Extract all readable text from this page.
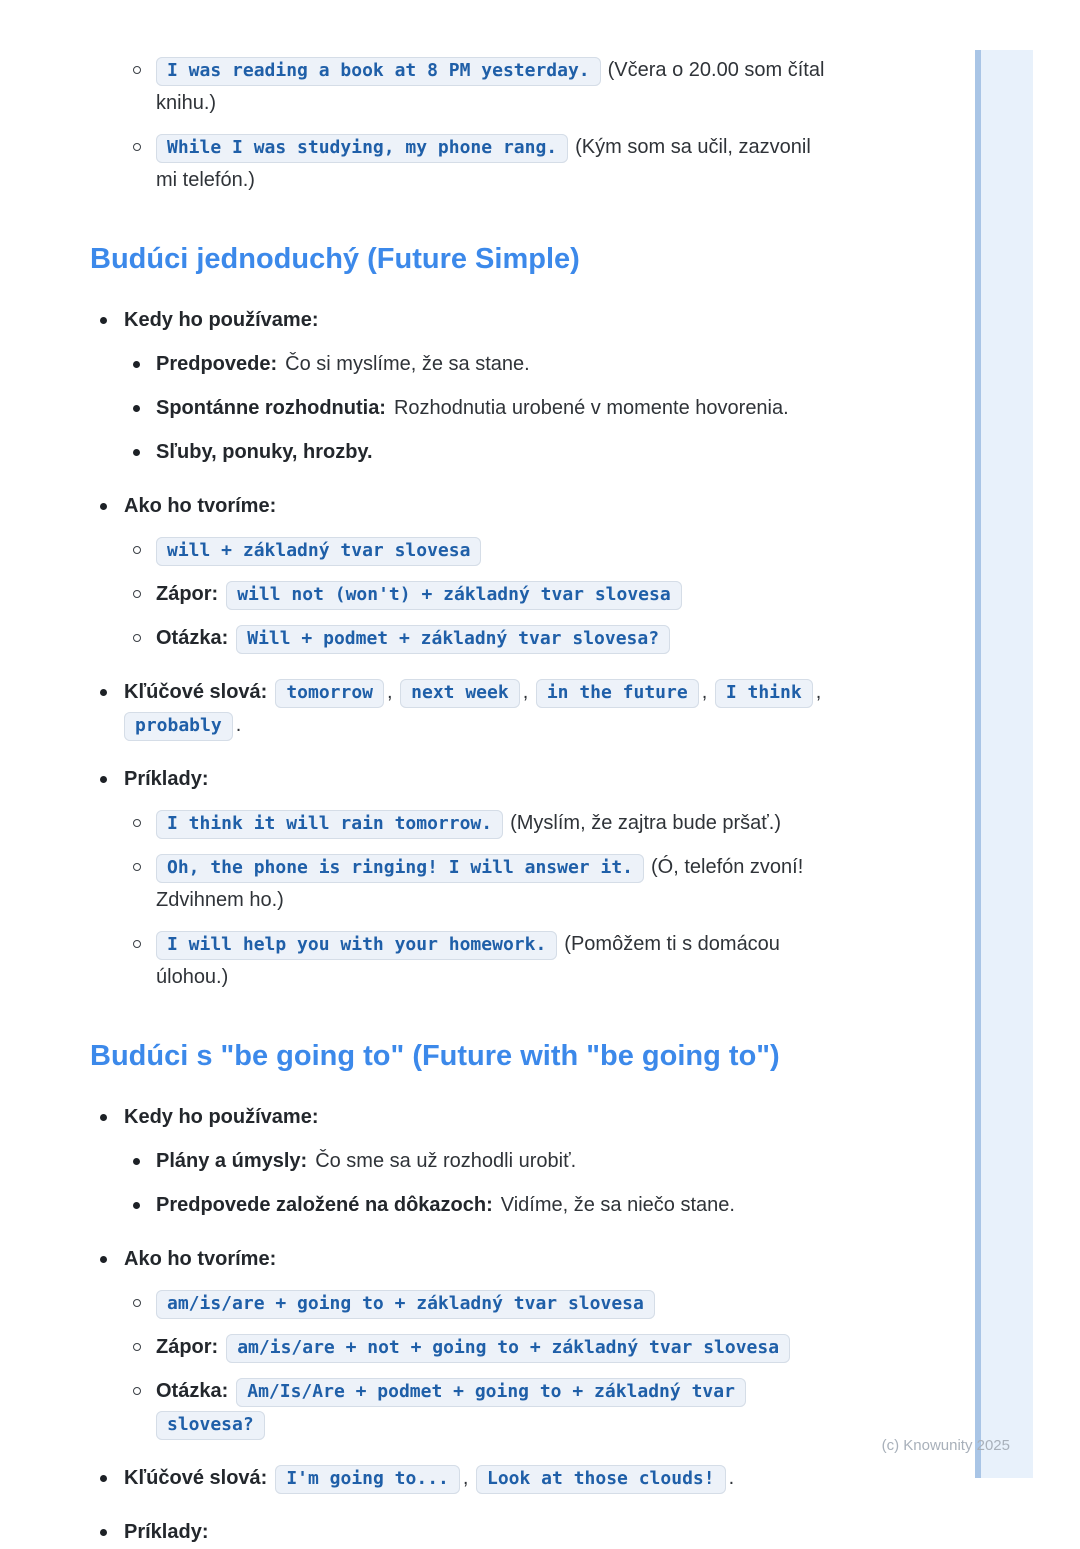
I was reading a book at 8 PM yesterday. (Včera o 20.00 som čítal knihu.)
While I was studying, my phone rang. (Kým som sa učil, zazvonil mi telefón.)
Budúci jednoduchý (Future Simple)
Kedy ho používame:
Predpovede: Čo si myslíme, že sa stane.
Spontánne rozhodnutia: Rozhodnutia urobené v momente hovorenia.
Sľuby, ponuky, hrozby.
Ako ho tvoríme:
will + základný tvar slovesa
Zápor: will not (won't) + základný tvar slovesa
Otázka: Will + podmet + základný tvar slovesa?
Kľúčové slová: tomorrow , next week , in the future , I think , probably .
Príklady:
I think it will rain tomorrow. (Myslím, že zajtra bude pršať.)
Oh, the phone is ringing! I will answer it. (Ó, telefón zvoní! Zdvihnem ho.)
I will help you with your homework. (Pomôžem ti s domácou úlohou.)
Budúci s "be going to" (Future with "be going to")
Kedy ho používame:
Plány a úmysly: Čo sme sa už rozhodli urobiť.
Predpovede založené na dôkazoch: Vidíme, že sa niečo stane.
Ako ho tvoríme:
am/is/are + going to + základný tvar slovesa
Zápor: am/is/are + not + going to + základný tvar slovesa
Otázka: Am/Is/Are + podmet + going to + základný tvar slovesa?
Kľúčové slová: I'm going to... , Look at those clouds! .
Príklady:
(c) Knowunity 2025
